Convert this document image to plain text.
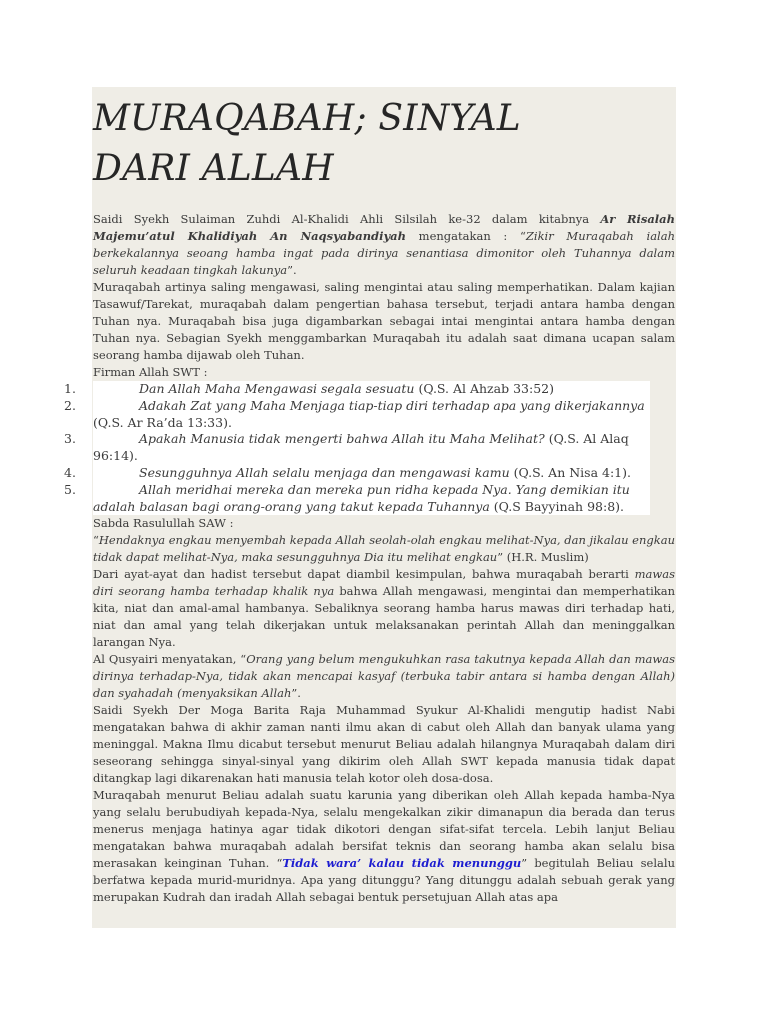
MURAQABAH; SINYAL DARI ALLAH

Saidi Syekh Sulaiman Zuhdi Al-Khalidi Ahli Silsilah ke-32 dalam kitabnya Ar Risalah Majemu’atul Khalidiyah An Naqsyabandiyah mengatakan : “Zikir Muraqabah ialah berkekalannya seoang hamba ingat pada dirinya senantiasa dimonitor oleh Tuhannya dalam seluruh keadaan tingkah lakunya”.

Muraqabah artinya saling mengawasi, saling mengintai atau saling memperhatikan. Dalam kajian Tasawuf/Tarekat, muraqabah dalam pengertian bahasa tersebut, terjadi antara hamba dengan Tuhan nya. Muraqabah bisa juga digambarkan sebagai intai mengintai antara hamba dengan Tuhan nya. Sebagian Syekh menggambarkan Muraqabah itu adalah saat dimana ucapan salam seorang hamba dijawab oleh Tuhan.

Firman Allah SWT :

1.	Dan Allah Maha Mengawasi segala sesuatu (Q.S. Al Ahzab 33:52)
2.	Adakah Zat yang Maha Menjaga tiap-tiap diri terhadap apa yang dikerjakannya (Q.S. Ar Ra’da 13:33).
3.	Apakah Manusia tidak mengerti bahwa Allah itu Maha Melihat? (Q.S. Al Alaq 96:14).
4.	Sesungguhnya Allah selalu menjaga dan mengawasi kamu (Q.S. An Nisa 4:1).
5.	Allah meridhai mereka dan mereka pun ridha kepada Nya. Yang demikian itu adalah balasan bagi orang-orang yang takut kepada Tuhannya (Q.S Bayyinah 98:8).

Sabda Rasulullah SAW :

“Hendaknya engkau menyembah kepada Allah seolah-olah engkau melihat-Nya, dan jikalau engkau tidak dapat melihat-Nya, maka sesungguhnya Dia itu melihat engkau” (H.R. Muslim)

Dari ayat-ayat dan hadist tersebut dapat diambil kesimpulan, bahwa muraqabah berarti mawas diri seorang hamba terhadap khalik nya bahwa Allah mengawasi, mengintai dan memperhatikan kita, niat dan amal-amal hambanya. Sebaliknya seorang hamba harus mawas diri terhadap hati, niat dan amal yang telah dikerjakan untuk melaksanakan perintah Allah dan meninggalkan larangan Nya.

Al Qusyairi menyatakan, “Orang yang belum mengukuhkan rasa takutnya kepada Allah dan mawas dirinya terhadap-Nya, tidak akan mencapai kasyaf (terbuka tabir antara si hamba dengan Allah) dan syahadah (menyaksikan Allah”.

Saidi Syekh Der Moga Barita Raja Muhammad Syukur Al-Khalidi mengutip hadist Nabi mengatakan bahwa di akhir zaman nanti ilmu akan di cabut oleh Allah dan banyak ulama yang meninggal. Makna Ilmu dicabut tersebut menurut Beliau adalah hilangnya Muraqabah dalam diri seseorang sehingga sinyal-sinyal yang dikirim oleh Allah SWT kepada manusia tidak dapat ditangkap lagi dikarenakan hati manusia telah kotor oleh dosa-dosa.

Muraqabah menurut Beliau adalah suatu karunia yang diberikan oleh Allah kepada hamba-Nya yang selalu berubudiyah kepada-Nya, selalu mengekalkan zikir dimanapun dia berada dan terus menerus menjaga hatinya agar tidak dikotori dengan sifat-sifat tercela. Lebih lanjut Beliau mengatakan bahwa muraqabah adalah bersifat teknis dan seorang hamba akan selalu bisa merasakan keinginan Tuhan. “Tidak wara’ kalau tidak menunggu” begitulah Beliau selalu berfatwa kepada murid-muridnya. Apa yang ditunggu? Yang ditunggu adalah sebuah gerak yang merupakan Kudrah dan iradah Allah sebagai bentuk persetujuan Allah atas apa
